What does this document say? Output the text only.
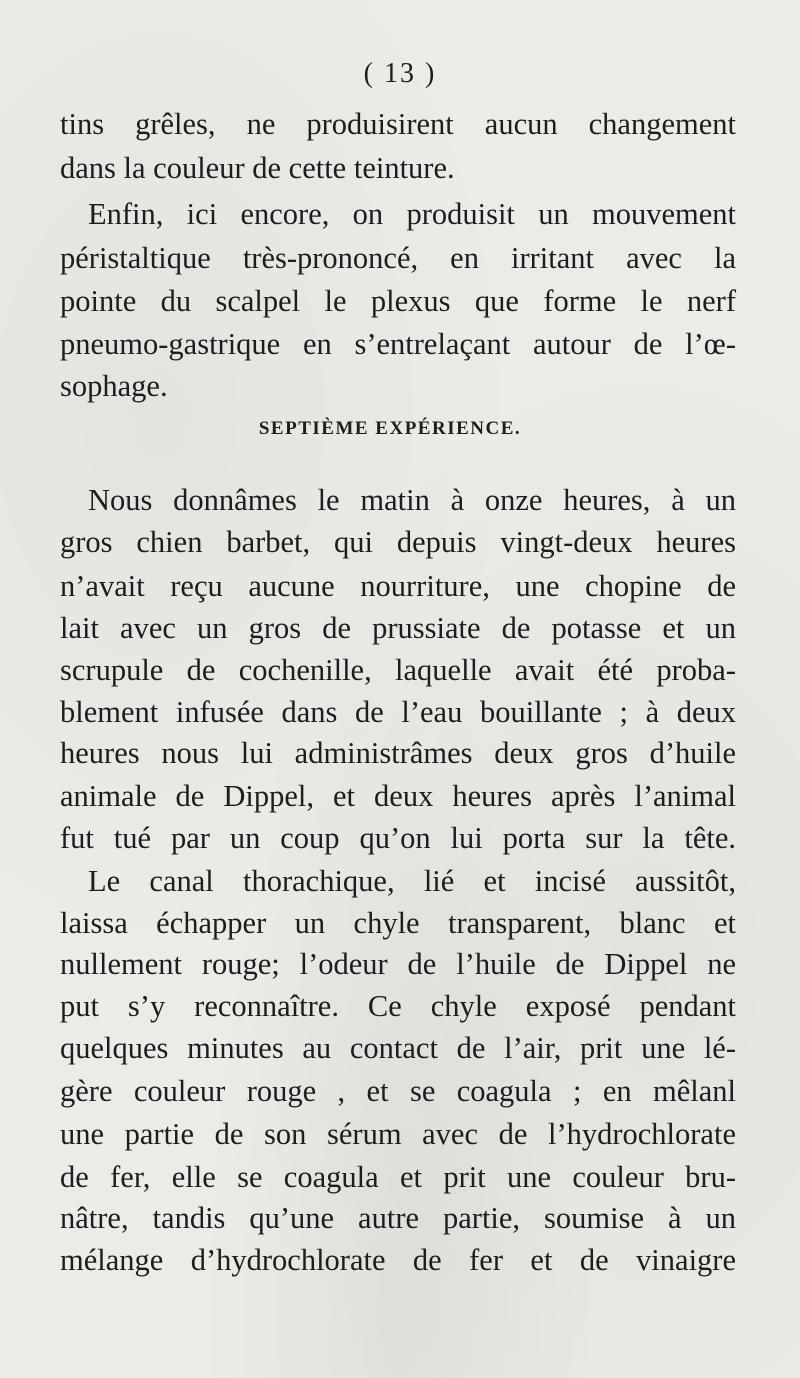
( 13 )
tins grêles, ne produisirent aucun changement
dans la couleur de cette teinture.
Enfin, ici encore, on produisit un mouvement
péristaltique très-prononcé, en irritant avec la
pointe du scalpel le plexus que forme le nerf
pneumo-gastrique en s’entrelaçant autour de l’œ-
sophage.
SEPTIÈME EXPÉRIENCE.
Nous donnâmes le matin à onze heures, à un
gros chien barbet, qui depuis vingt-deux heures
n’avait reçu aucune nourriture, une chopine de
lait avec un gros de prussiate de potasse et un
scrupule de cochenille, laquelle avait été proba-
blement infusée dans de l’eau bouillante ; à deux
heures nous lui administrâmes deux gros d’huile
animale de Dippel, et deux heures après l’animal
fut tué par un coup qu’on lui porta sur la tête.
Le canal thorachique, lié et incisé aussitôt,
laissa échapper un chyle transparent, blanc et
nullement rouge; l’odeur de l’huile de Dippel ne
put s’y reconnaître. Ce chyle exposé pendant
quelques minutes au contact de l’air, prit une lé-
gère couleur rouge , et se coagula ; en mêlanl
une partie de son sérum avec de l’hydrochlorate
de fer, elle se coagula et prit une couleur bru-
nâtre, tandis qu’une autre partie, soumise à un
mélange d’hydrochlorate de fer et de vinaigre
